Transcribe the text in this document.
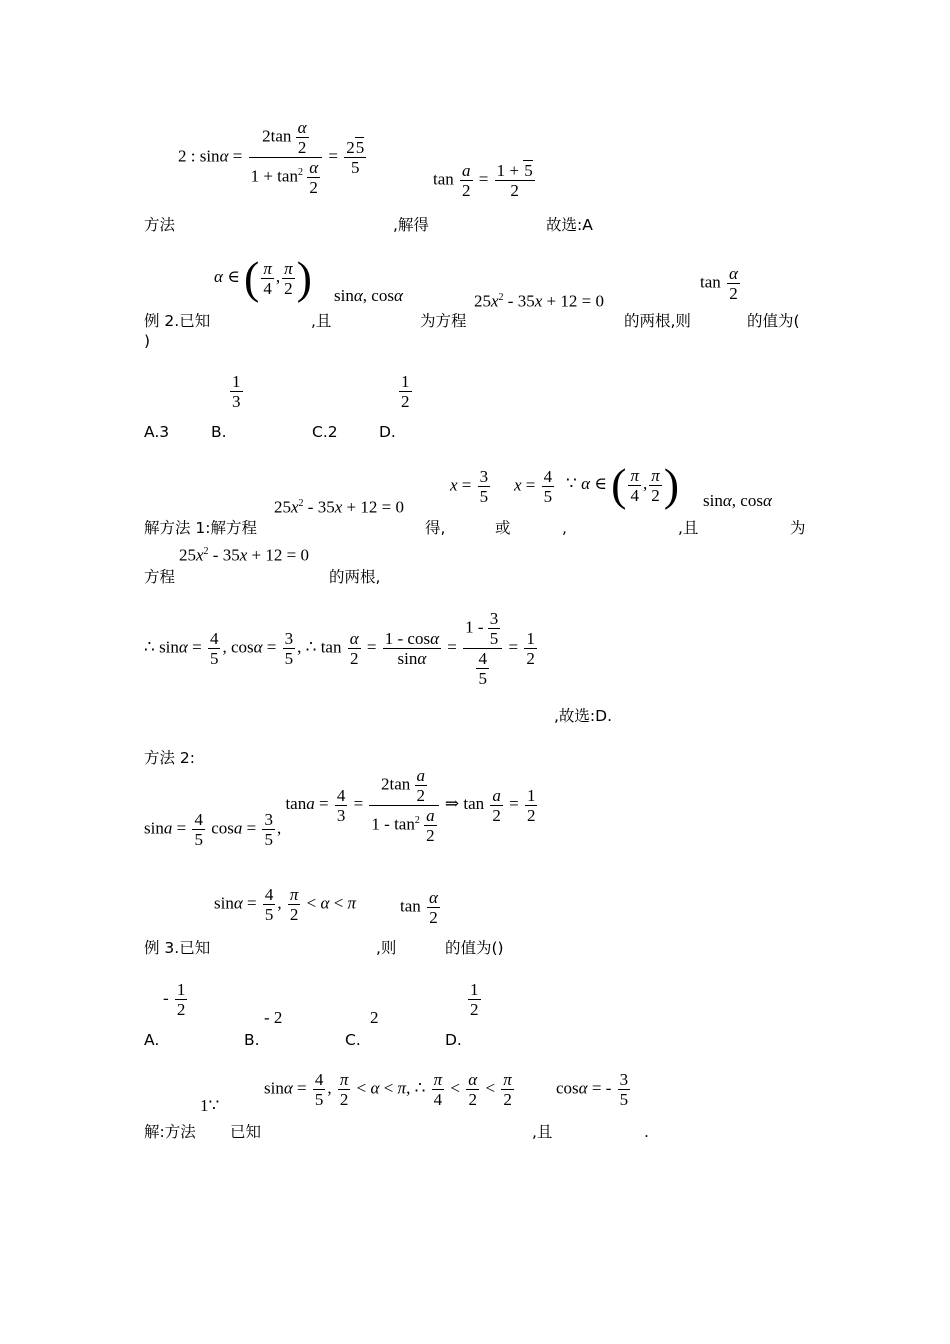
2 : $\sin\alpha = \frac{2\tan \frac{\alpha}{2}}{1 + \tan^2 \frac{\alpha}{2}} = \frac{25}{5}$
$\tan \frac{a}{2} = \frac{1 + 5}{2}$
方法	,解得	故选:A
α ∈ ( $\frac{\pi}{4}$ , $\frac{\pi}{2}$ ) sinα, cosα	$25x^2 - 35x + 12 = 0$
$\tan \frac{\alpha}{2}$
例 2.已知	,且	为方程	的两根,则	的值为(
)
$\frac{1}{3}$	$\frac{1}{2}$
A.3	B.	C.2	D.
$25x^2 - 35x + 12 = 0$
$x = \frac{3}{5}$ $x = \frac{4}{5}$ ∵ α ∈ ( $\frac{\pi}{4}$ , $\frac{\pi}{2}$ ) sinα, cosα
解方法 1:解方程	得,	或	,	,且	为
$25x^2 - 35x + 12 = 0$
方程	的两根,
∴ $\sin\alpha = \frac{4}{5}$ , $\cos\alpha = \frac{3}{5}$ , ∴ $\tan \frac{\alpha}{2} = \frac{1 - \cos\alpha}{\sin\alpha} = \frac{1 - \frac{3}{5}}{\frac{4}{5}} = \frac{1}{2}$
,故选:D.
方法 2:
$\sin a = \frac{4}{5}$ $\cos a = \frac{3}{5}$ , $\tan a = \frac{4}{3} = \frac{2\tan \frac{a}{2}}{1 - \tan^2 \frac{a}{2}}$ ⇒ $\tan \frac{a}{2} = \frac{1}{2}$
$\sin\alpha = \frac{4}{5}$ , $\frac{\pi}{2} < \alpha < \pi$	$\tan \frac{\alpha}{2}$
例 3.已知	,则	的值为()
- $\frac{1}{2}$	- 2	2	$\frac{1}{2}$
A.	B.	C.	D.
1∵
$\sin\alpha = \frac{4}{5}$ , $\frac{\pi}{2} < \alpha < \pi$, ∴ $\frac{\pi}{4} < \frac{\alpha}{2} < \frac{\pi}{2}$ cosα = - $\frac{3}{5}$
解:方法 已知	,且	.
